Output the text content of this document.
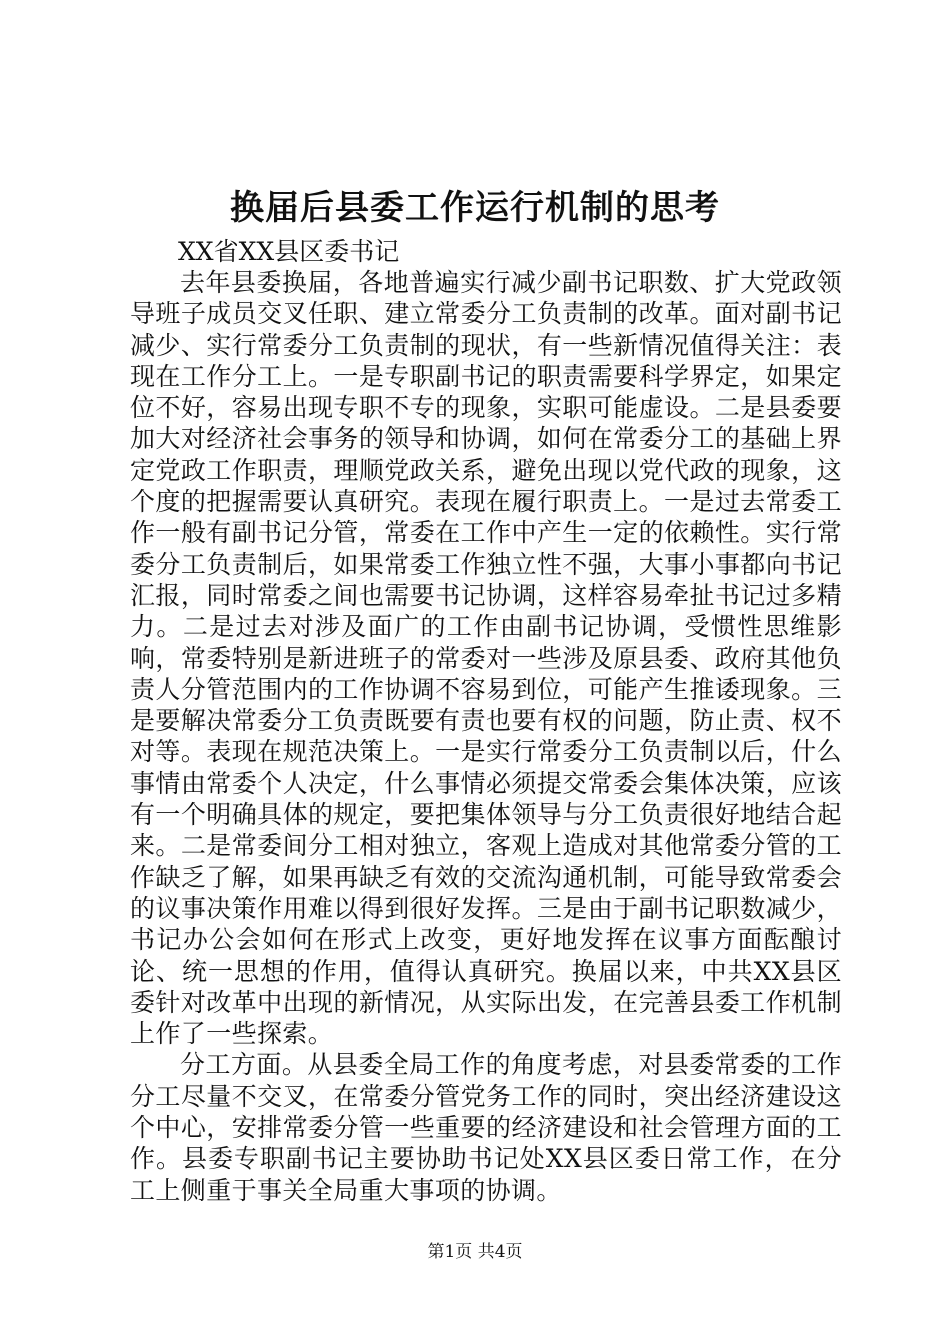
换届后县委工作运行机制的思考

XX省XX县区委书记

去年县委换届，各地普遍实行减少副书记职数、扩大党政领导班子成员交叉任职、建立常委分工负责制的改革。面对副书记减少、实行常委分工负责制的现状，有一些新情况值得关注：表现在工作分工上。一是专职副书记的职责需要科学界定，如果定位不好，容易出现专职不专的现象，实职可能虚设。二是县委要加大对经济社会事务的领导和协调，如何在常委分工的基础上界定党政工作职责，理顺党政关系，避免出现以党代政的现象，这个度的把握需要认真研究。表现在履行职责上。一是过去常委工作一般有副书记分管，常委在工作中产生一定的依赖性。实行常委分工负责制后，如果常委工作独立性不强，大事小事都向书记汇报，同时常委之间也需要书记协调，这样容易牵扯书记过多精力。二是过去对涉及面广的工作由副书记协调，受惯性思维影响，常委特别是新进班子的常委对一些涉及原县委、政府其他负责人分管范围内的工作协调不容易到位，可能产生推诿现象。三是要解决常委分工负责既要有责也要有权的问题，防止责、权不对等。表现在规范决策上。一是实行常委分工负责制以后，什么事情由常委个人决定，什么事情必须提交常委会集体决策，应该有一个明确具体的规定，要把集体领导与分工负责很好地结合起来。二是常委间分工相对独立，客观上造成对其他常委分管的工作缺乏了解，如果再缺乏有效的交流沟通机制，可能导致常委会的议事决策作用难以得到很好发挥。三是由于副书记职数减少，书记办公会如何在形式上改变，更好地发挥在议事方面酝酿讨论、统一思想的作用，值得认真研究。换届以来，中共XX县区委针对改革中出现的新情况，从实际出发，在完善县委工作机制上作了一些探索。

分工方面。从县委全局工作的角度考虑，对县委常委的工作分工尽量不交叉，在常委分管党务工作的同时，突出经济建设这个中心，安排常委分管一些重要的经济建设和社会管理方面的工作。县委专职副书记主要协助书记处XX县区委日常工作，在分工上侧重于事关全局重大事项的协调。

第1页 共4页
